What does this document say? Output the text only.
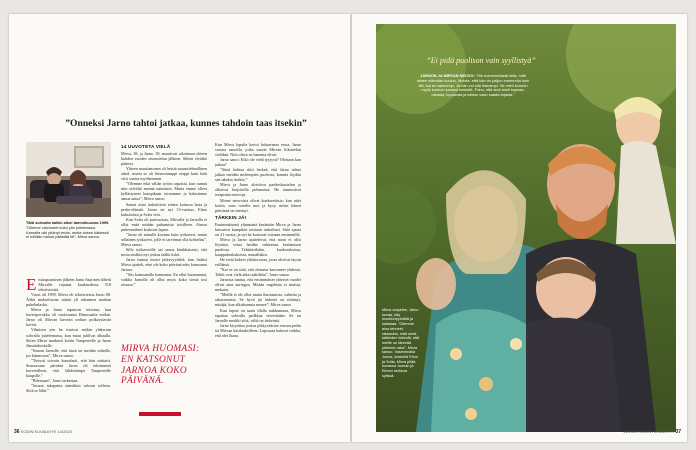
”Onneksi Jarno tahtoi jatkaa, kunnes tahdoin taas itsekin”
Tätä sohvalla kaikki alkoi tammikuussa 1999. ”Olimme valvoneet koko yön jutteleassa. Kamalta oiki pitänyt erota, mutta toisen kädessä ei millään haluut päästää irti”, Mirva sanoo.
E nsitapaamisen jälkeen Jarno Saarinen lähetti Mirvalle vajaana kaukaudessa 518 tekstiviestiä.

Vuosi oli 1999, Mirva oli tekstiviestia Jarno 08. Ääbit maksettuvan säästä yli tuhannen markan puhelinlasku.

Mirva ja Jarno tapasivat toisensa, kun kaveriporukka oli vuokrannut Himosaalta mökin. Jarno oli Mirvan kaverin serkun polkaystävän kaveri.

Vilmisen yön he istuivat mökin ylakerran sohvalla juttelemassa, kun muut juhlivat alhaalla. Sitten Mirva matkusti kotiin Tampereelle ja Jarno Jämsänkoskelle.

”Sanoin Jarnolle, että tässä on meidän sohtelle, jos kiinnostaa”, Mirva sanoo.

”Tietysti toivoin kumalasti, että hän soittaisi. Seuraavana päivänä Jarno oli tekstinneet kavereilleen, että lähdetäänpä Tampereelle kaupolle.”

”Bilemaan”, Jarno tarkentaa.

”Jarnon takapenia nämäkiin sohvan tollesta. Siitä se lähti.”

14 UUVOTETA VIELÄ

Mirva, 38, ja Jarno, 39, muuttivat aikoinaan yhteen kahden vuoden seurustelun jälkeen. Siihen eivätkö pääreyt.

Yhteen muuttaminen oli heistä suunnitelmallinen askel, mutta se oli hienostumppi etappi kuin häät viisi vuotta myöhemmin.

”Olemme eikä väliän työrin rapatsta, kun tunnui niin selvältä mennä naimisiin. Mutta emme olleet kyllästyneet kumpikaan toistamme ja halusimme sanoa aatoa”, Mirva sanoo.

Samat asiat tarkoittivat eniten koinosa lasta ja perhe-elämää. Joona on nyt 13-vuotias, Elmo kaksitoista ja Sofia viisi.

Kun Sofia oli parivuotias, Mirvalla ja Jarnolla ei ollut enää mitään puhumista toisilleen. Ainoat puheenaiheet koskivat lapsia.

”Jarno oli minulle koonna kuin työkaveri, mutta sellainen työkaveri, jolle ei tarvinnut olla kohtelias”, Mirva sanoo.

Sille työkaverille sai sanoa kitukkaisesti, että nosta sinäkin nyt joskus täältä tiskit.

Jarno tunnui tisesti järkevyydeltä, kun lisäksi Mirva ajatteli, ettei ole koko päivänä edes kamoanut Jarnoa.

”Siis kamoanalla kamoanut. En ollut huomannut, vaikka Jarnolla oli ollut myös koko siestä tosi otsassa.”

MIRVA HUOMASI: EN KATSONUT JARNOA KOKO PÄIVÄNÄ.

Kun Mirva lopulta kertoi haluavansa erota, Jarno vastasi sanoilla, jotka saavat Mirvan liikuttelun vieläkin. Niin olisoi ne hauenta elivat.

Jarno sanoi: Etkö ole vielä tyytyvä? Olettaan kun jatkaa?

”Siinä kohtaa riitti herkeä, että Jarno tahtoi jatkaa meidän molempien puolesta, kunnes löydän sen tahdon itsekin.”

Mirva ja Jarno aloittivat parikeskustelun ja alkoivat harjoitella puhumista. He tunnustivat terapeutin neuvoja.

Monet neuvoista olivat konkreettisia: kun tulet kotiin, sano toiselle moi ja kysy, miten hänen päivänsä on mennyt.

TÄRKEIN JÄI

Ensimmäisenä ylimmänä kesänään Mirva ja Jarno kutsuivat kumpikin toisiaan tuskailuni. Siitä ajasta on 21 vuotta, ja nyt he kutsuvat toisiaan ensimmillä.

Mirva ja Jarno ajattelevat, että moni ei olisi löytänyt vetua heidän suhteensa kestämisen puolesta. Tehtiräsikään, kaukoruksissa, kauppakeskuksissa, muuallakin.

He eivät kokeet yhtään asiaa, jossa olisivat täysin erillänsä.

”Kai se on siitä, että olemme kasvaneet yhdessä. Tehtit ovat vielä aika raakileita”, Jarno sanoo.

Jarnosta tuntuu, että ensimmäiset yhteiset vuodet olivat aina auringoa. Mitään ongelmia ei muistu, mekaiat.

”Meillä ei ole ollut mutta ihastumisia, suhteita ja rakastamisia. Se hyvä jäi tärkeää on riittänyt, mittäjä, kun alkubuumia menee”, Mirva sanoo.

Kun lapset on saatu illalla nukkumaan, Mirva tapattaa sohvalla pailkkaa vierestäään. Se on Jarnolle merkki siitä, väliä on tärkeintä.

Jarno kirjoittaa joskus pikkyväärian vessan peilin tai Mirvan käsilauksilleen. Lapsuusa halavat vaikka, että olet ihana.

36 KODIN KUVALEHTI 14/2020
”Ei pidä puolison vain syyllistyä”
JARNON JA MIRVAN NEUVO: ”Ole kommunikaati siitä, mitä toisen elämään kuuluu. Muista, että hän on paljon enemmän kuin äiti, isä tai vanhempi. Ja hän voi olla ihanampi. Se mieli kunnon myös kunnon kanssa kestoltä. Puhu, että sinä toisit kapeaa, rakasta, lupaavaa ja tahtoo vaan saada arjasta.”
Mirva ompelee, Jarno kuvaa, käy moottoripyörällä ja kalastaa. ”Olemme aina tehneet rakkautta, mitä omat taitteiden tekevät, että meille on tärkeää yhteinen aika”, Mirva sanoo. Vasemmalla Joona, keskellä Elmo ja Sofia, Mirva pitää kuvassa Joonan ja Elmon serkkua sylissä.
14/2020 KODIN KUVALEHTI 37
